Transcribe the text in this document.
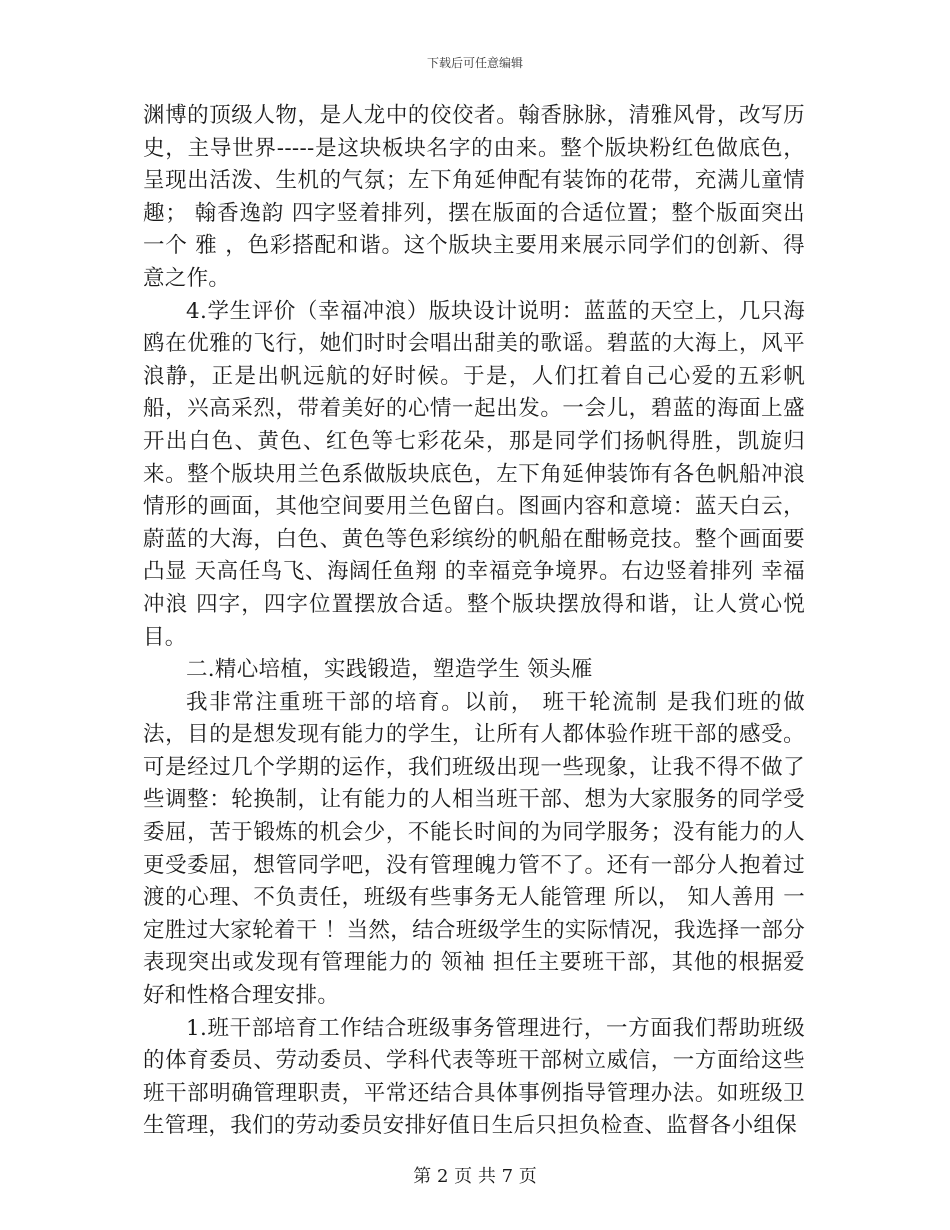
下载后可任意编辑

渊博的顶级人物，是人龙中的佼佼者。翰香脉脉，清雅风骨，改写历史，主导世界-----是这块板块名字的由来。整个版块粉红色做底色，呈现出活泼、生机的气氛；左下角延伸配有装饰的花带，充满儿童情趣； 翰香逸韵 四字竖着排列，摆在版面的合适位置；整个版面突出一个 雅 ，色彩搭配和谐。这个版块主要用来展示同学们的创新、得意之作。

4.学生评价（幸福冲浪）版块设计说明：蓝蓝的天空上，几只海鸥在优雅的飞行，她们时时会唱出甜美的歌谣。碧蓝的大海上，风平浪静，正是出帆远航的好时候。于是，人们扛着自己心爱的五彩帆船，兴高采烈，带着美好的心情一起出发。一会儿，碧蓝的海面上盛开出白色、黄色、红色等七彩花朵，那是同学们扬帆得胜，凯旋归来。整个版块用兰色系做版块底色，左下角延伸装饰有各色帆船冲浪情形的画面，其他空间要用兰色留白。图画内容和意境：蓝天白云，蔚蓝的大海，白色、黄色等色彩缤纷的帆船在酣畅竞技。整个画面要凸显 天高任鸟飞、海阔任鱼翔 的幸福竞争境界。右边竖着排列 幸福冲浪 四字，四字位置摆放合适。整个版块摆放得和谐，让人赏心悦目。

二.精心培植，实践锻造，塑造学生 领头雁

我非常注重班干部的培育。以前， 班干轮流制 是我们班的做法，目的是想发现有能力的学生，让所有人都体验作班干部的感受。可是经过几个学期的运作，我们班级出现一些现象，让我不得不做了些调整：轮换制，让有能力的人相当班干部、想为大家服务的同学受委屈，苦于锻炼的机会少，不能长时间的为同学服务；没有能力的人更受委屈，想管同学吧，没有管理魄力管不了。还有一部分人抱着过渡的心理、不负责任，班级有些事务无人能管理 所以， 知人善用 一定胜过大家轮着干 ！当然，结合班级学生的实际情况，我选择一部分表现突出或发现有管理能力的 领袖 担任主要班干部，其他的根据爱好和性格合理安排。

1.班干部培育工作结合班级事务管理进行，一方面我们帮助班级的体育委员、劳动委员、学科代表等班干部树立威信，一方面给这些班干部明确管理职责，平常还结合具体事例指导管理办法。如班级卫生管理，我们的劳动委员安排好值日生后只担负检查、监督各小组保

第 2 页 共 7 页
